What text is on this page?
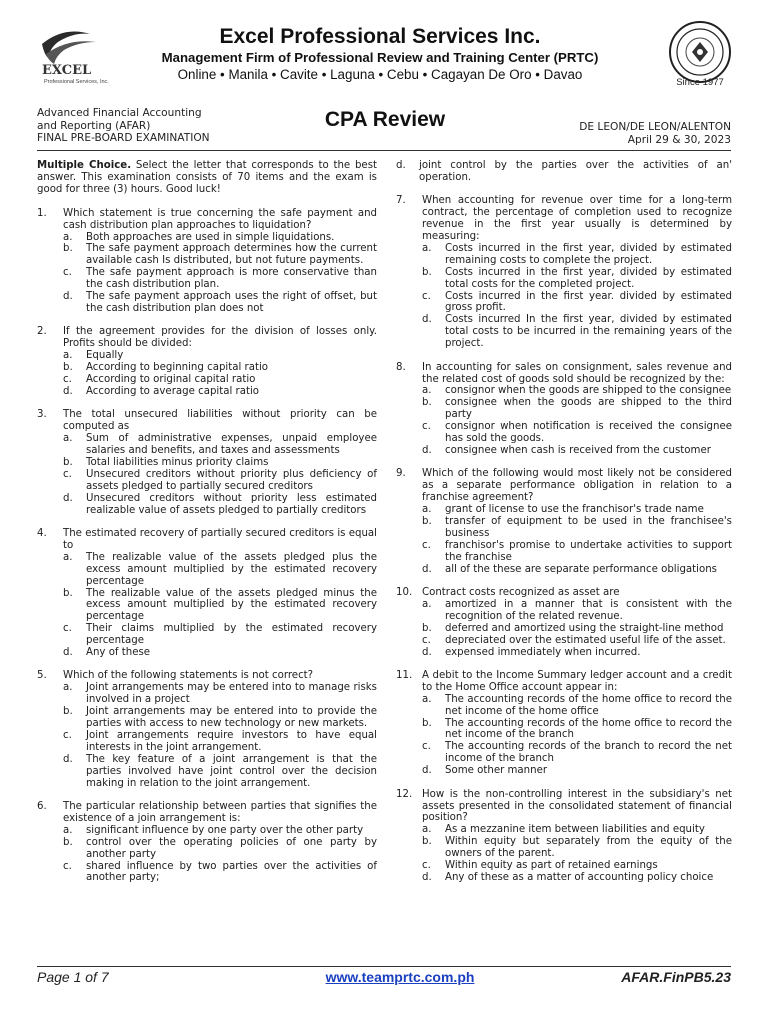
EXCEL
Professional Services, Inc.
Excel Professional Services Inc.
Management Firm of Professional Review and Training Center (PRTC)
Online • Manila • Cavite • Laguna • Cebu • Cagayan De Oro • Davao
Since 1977
Advanced Financial Accounting
and Reporting (AFAR)
FINAL PRE-BOARD EXAMINATION
CPA Review	DE LEON/DE LEON/ALENTON
April 29 & 30, 2023
Multiple Choice. Select the letter that corresponds to the best answer. This examination consists of 70 items and the exam is good for three (3) hours. Good luck!
1. Which statement is true concerning the safe payment and cash distribution plan approaches to liquidation?
a. Both approaches are used in simple liquidations.
b. The safe payment approach determines how the current available cash Is distributed, but not future payments.
c. The safe payment approach is more conservative than the cash distribution plan.
d. The safe payment approach uses the right of offset, but the cash distribution plan does not
2. If the agreement provides for the division of losses only. Profits should be divided:
a. Equally
b. According to beginning capital ratio
c. According to original capital ratio
d. According to average capital ratio
3. The total unsecured liabilities without priority can be computed as
a. Sum of administrative expenses, unpaid employee salaries and benefits, and taxes and assessments
b. Total liabilities minus priority claims
c. Unsecured creditors without priority plus deficiency of assets pledged to partially secured creditors
d. Unsecured creditors without priority less estimated realizable value of assets pledged to partially creditors
4. The estimated recovery of partially secured creditors is equal to
a. The realizable value of the assets pledged plus the excess amount multiplied by the estimated recovery percentage
b. The realizable value of the assets pledged minus the excess amount multiplied by the estimated recovery percentage
c. Their claims multiplied by the estimated recovery percentage
d. Any of these
5. Which of the following statements is not correct?
a. Joint arrangements may be entered into to manage risks involved in a project
b. Joint arrangements may be entered into to provide the parties with access to new technology or new markets.
c. Joint arrangements require investors to have equal interests in the joint arrangement.
d. The key feature of a joint arrangement is that the parties involved have joint control over the decision making in relation to the joint arrangement.
6. The particular relationship between parties that signifies the existence of a join arrangement is:
a. significant influence by one party over the other party
b. control over the operating policies of one party by another party
c. shared influence by two parties over the activities of another party;
d. joint control by the parties over the activities of an' operation.
7. When accounting for revenue over time for a long-term contract, the percentage of completion used to recognize revenue in the first year usually is determined by measuring:
a. Costs incurred in the first year, divided by estimated remaining costs to complete the project.
b. Costs incurred in the first year, divided by estimated total costs for the completed project.
c. Costs incurred in the first year. divided by estimated gross profit.
d. Costs incurred In the first year, divided by estimated total costs to be incurred in the remaining years of the project.
8. In accounting for sales on consignment, sales revenue and the related cost of goods sold should be recognized by the:
a. consignor when the goods are shipped to the consignee
b. consignee when the goods are shipped to the third party
c. consignor when notification is received the consignee has sold the goods.
d. consignee when cash is received from the customer
9. Which of the following would most likely not be considered as a separate performance obligation in relation to a franchise agreement?
a. grant of license to use the franchisor's trade name
b. transfer of equipment to be used in the franchisee's business
c. franchisor's promise to undertake activities to support the franchise
d. all of the these are separate performance obligations
10. Contract costs recognized as asset are
a. amortized in a manner that is consistent with the recognition of the related revenue.
b. deferred and amortized using the straight-line method
c. depreciated over the estimated useful life of the asset.
d. expensed immediately when incurred.
11. A debit to the Income Summary ledger account and a credit to the Home Office account appear in:
a. The accounting records of the home office to record the net income of the home office
b. The accounting records of the home office to record the net income of the branch
c. The accounting records of the branch to record the net income of the branch
d. Some other manner
12. How is the non-controlling interest in the subsidiary's net assets presented in the consolidated statement of financial position?
a. As a mezzanine item between liabilities and equity
b. Within equity but separately from the equity of the owners of the parent.
c. Within equity as part of retained earnings
d. Any of these as a matter of accounting policy choice
Page 1 of 7	www.teamprtc.com.ph	AFAR.FinPB5.23
